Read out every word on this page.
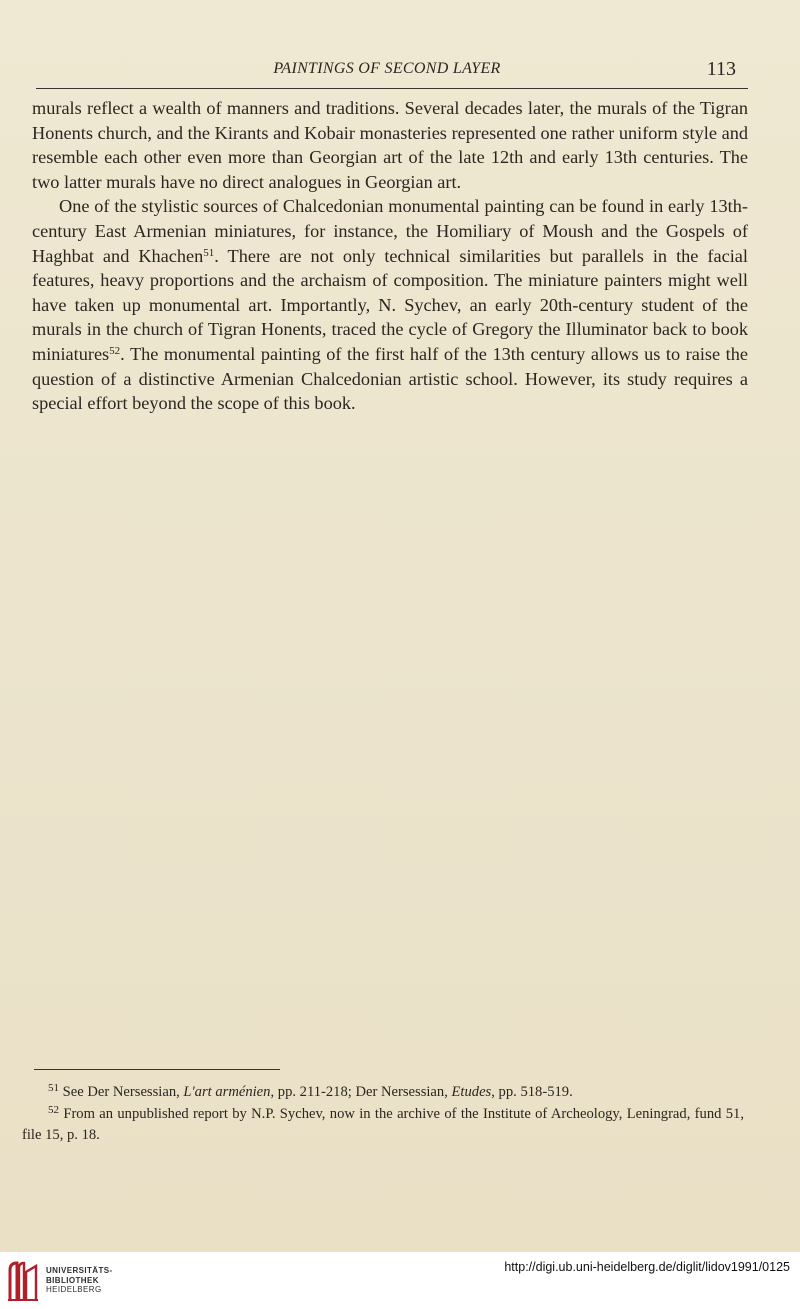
PAINTINGS OF SECOND LAYER	113

murals reflect a wealth of manners and traditions. Several decades later, the murals of the Tigran Honents church, and the Kirants and Kobair monasteries represented one rather uniform style and resemble each other even more than Georgian art of the late 12th and early 13th centuries. The two latter murals have no direct analogues in Georgian art.

One of the stylistic sources of Chalcedonian monumental painting can be found in early 13th-century East Armenian miniatures, for instance, the Homiliary of Moush and the Gospels of Haghbat and Khachen$^{51}$. There are not only technical similarities but parallels in the facial features, heavy proportions and the archaism of composition. The miniature painters might well have taken up monumental art. Importantly, N. Sychev, an early 20th-century student of the murals in the church of Tigran Honents, traced the cycle of Gregory the Illuminator back to book miniatures$^{52}$. The monumental painting of the first half of the 13th century allows us to raise the question of a distinctive Armenian Chalcedonian artistic school. However, its study requires a special effort beyond the scope of this book.

$^{51}$ See Der Nersessian, L'art arménien, pp. 211-218; Der Nersessian, Etudes, pp. 518-519.

$^{52}$ From an unpublished report by N.P. Sychev, now in the archive of the Institute of Archeology, Leningrad, fund 51, file 15, p. 18.

UNIVERSITÄTS-
BIBLIOTHEK
HEIDELBERG
http://digi.ub.uni-heidelberg.de/diglit/lidov1991/0125
